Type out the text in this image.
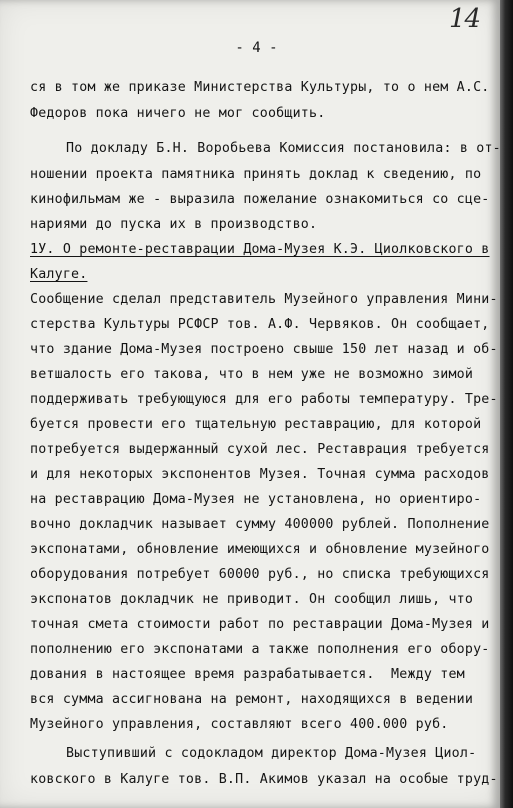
14
- 4 -
ся в том же приказе Министерства Культуры, то о нем А.С.
Федоров пока ничего не мог сообщить.
По докладу Б.Н. Воробьева Комиссия постановила: в от-
ношении проекта памятника принять доклад к сведению, по
кинофильмам же - выразила пожелание ознакомиться со сце-
нариями до пуска их в производство.
1У. О ремонте-реставрации Дома-Музея К.Э. Циолковского в
Калуге.
Сообщение сделал представитель Музейного управления Мини-
стерства Культуры РСФСР тов. А.Ф. Червяков. Он сообщает,
что здание Дома-Музея построено свыше 150 лет назад и об-
ветшалость его такова, что в нем уже не возможно зимой
поддерживать требующуюся для его работы температуру. Тре-
буется провести его тщательную реставрацию, для которой
потребуется выдержанный сухой лес. Реставрация требуется
и для некоторых экспонентов Музея. Точная сумма расходов
на реставрацию Дома-Музея не установлена, но ориентиро-
вочно докладчик называет сумму 400000 рублей. Пополнение
экспонатами, обновление имеющихся и обновление музейного
оборудования потребует 60000 руб., но списка требующихся
экспонатов докладчик не приводит. Он сообщил лишь, что
точная смета стоимости работ по реставрации Дома-Музея и
пополнению его экспонатами а также пополнения его обору-
дования в настоящее время разрабатывается.  Между тем
вся сумма ассигнована на ремонт, находящихся в ведении
Музейного управления, составляют всего 400.000 руб.
Выступивший с содокладом директор Дома-Музея Циол-
ковского в Калуге тов. В.П. Акимов указал на особые труд-
